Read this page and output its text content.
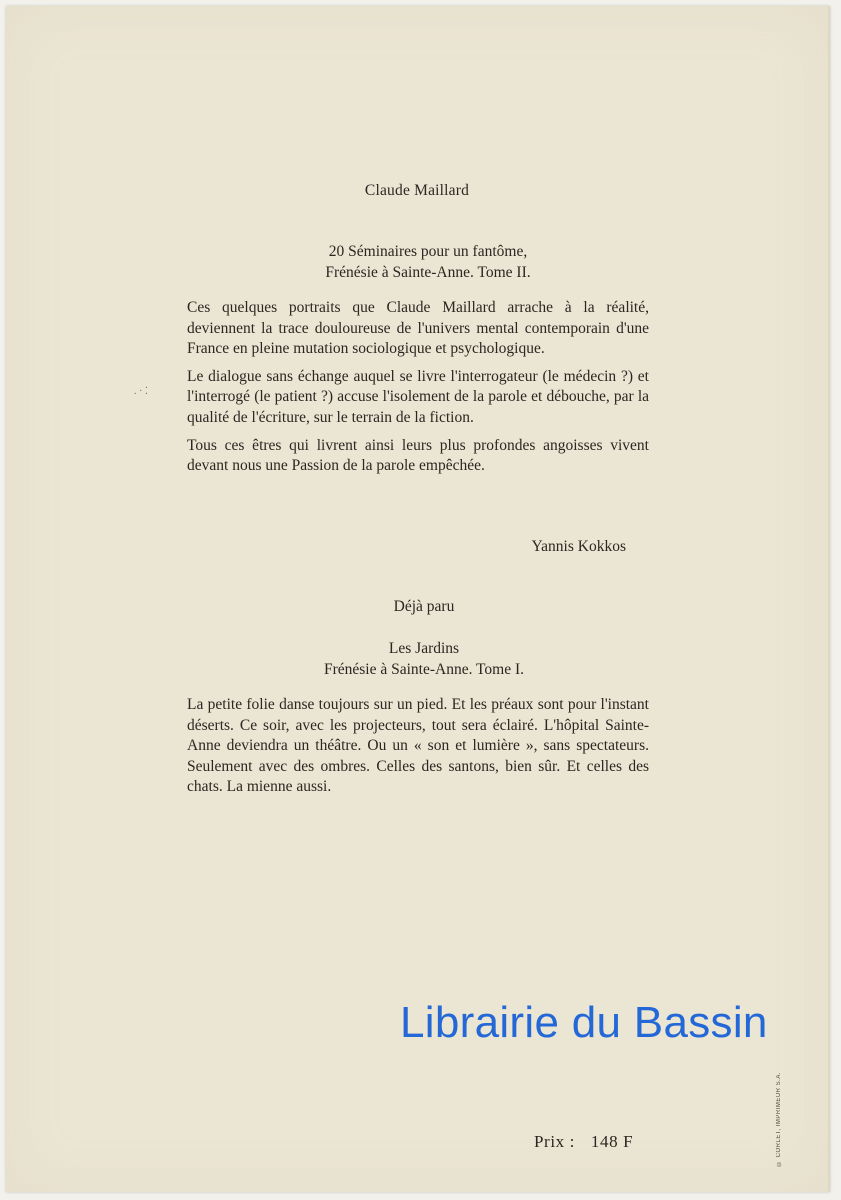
Claude Maillard
20 Séminaires pour un fantôme,
Frénésie à Sainte-Anne. Tome II.

Ces quelques portraits que Claude Maillard arrache à la réalité, deviennent la trace douloureuse de l'univers mental contemporain d'une France en pleine mutation sociologique et psychologique.

Le dialogue sans échange auquel se livre l'interrogateur (le médecin ?) et l'interrogé (le patient ?) accuse l'isolement de la parole et débouche, par la qualité de l'écriture, sur le terrain de la fiction.

Tous ces êtres qui livrent ainsi leurs plus profondes angoisses vivent devant nous une Passion de la parole empêchée.

. · ⁚
Yannis Kokkos
Déjà paru
Les Jardins
Frénésie à Sainte-Anne. Tome I.

La petite folie danse toujours sur un pied. Et les préaux sont pour l'instant déserts. Ce soir, avec les projecteurs, tout sera éclairé. L'hôpital Sainte-Anne deviendra un théâtre. Ou un « son et lumière », sans spectateurs. Seulement avec des ombres. Celles des santons, bien sûr. Et celles des chats. La mienne aussi.

Librairie du Bassin
© CORLET, IMPRIMEUR S.A.
Prix : 148 F
